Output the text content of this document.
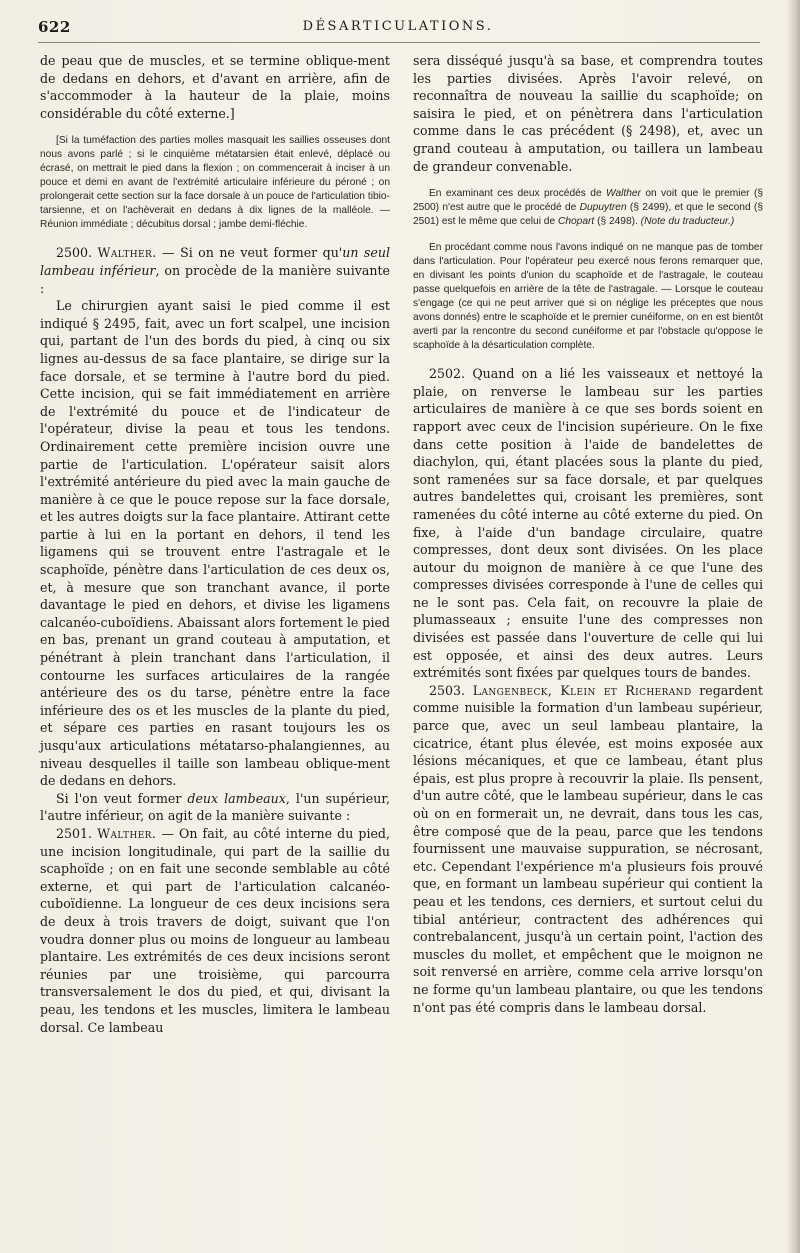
622	DÉSARTICULATIONS.

de peau que de muscles, et se termine oblique-ment de dedans en dehors, et d'avant en arrière, afin de s'accommoder à la hauteur de la plaie, moins considérable du côté externe.]

[Si la tuméfaction des parties molles masquait les saillies osseuses dont nous avons parlé ; si le cinquième métatarsien était enlevé, déplacé ou écrasé, on mettrait le pied dans la flexion ; on commencerait à inciser à un pouce et demi en avant de l'extrémité articulaire inférieure du péroné ; on prolongerait cette section sur la face dorsale à un pouce de l'articulation tibio-tarsienne, et on l'achèverait en dedans à dix lignes de la malléole. — Réunion immédiate ; décubitus dorsal ; jambe demi-fléchie.

2500. Walther. — Si on ne veut former qu'un seul lambeau inférieur, on procède de la manière suivante :

Le chirurgien ayant saisi le pied comme il est indiqué § 2495, fait, avec un fort scalpel, une incision qui, partant de l'un des bords du pied, à cinq ou six lignes au-dessus de sa face plantaire, se dirige sur la face dorsale, et se termine à l'autre bord du pied. Cette incision, qui se fait immédiatement en arrière de l'extrémité du pouce et de l'indicateur de l'opérateur, divise la peau et tous les tendons. Ordinairement cette première incision ouvre une partie de l'articulation. L'opérateur saisit alors l'extrémité antérieure du pied avec la main gauche de manière à ce que le pouce repose sur la face dorsale, et les autres doigts sur la face plantaire. Attirant cette partie à lui en la portant en dehors, il tend les ligamens qui se trouvent entre l'astragale et le scaphoïde, pénètre dans l'articulation de ces deux os, et, à mesure que son tranchant avance, il porte davantage le pied en dehors, et divise les ligamens calcanéo-cuboïdiens. Abaissant alors fortement le pied en bas, prenant un grand couteau à amputation, et pénétrant à plein tranchant dans l'articulation, il contourne les surfaces articulaires de la rangée antérieure des os du tarse, pénètre entre la face inférieure des os et les muscles de la plante du pied, et sépare ces parties en rasant toujours les os jusqu'aux articulations métatarso-phalangiennes, au niveau desquelles il taille son lambeau oblique-ment de dedans en dehors.

Si l'on veut former deux lambeaux, l'un supérieur, l'autre inférieur, on agit de la manière suivante :

2501. Walther. — On fait, au côté interne du pied, une incision longitudinale, qui part de la saillie du scaphoïde ; on en fait une seconde semblable au côté externe, et qui part de l'articulation calcanéo-cuboïdienne. La longueur de ces deux incisions sera de deux à trois travers de doigt, suivant que l'on voudra donner plus ou moins de longueur au lambeau plantaire. Les extrémités de ces deux incisions seront réunies par une troisième, qui parcourra transversalement le dos du pied, et qui, divisant la peau, les tendons et les muscles, limitera le lambeau dorsal. Ce lambeau

sera disséqué jusqu'à sa base, et comprendra toutes les parties divisées. Après l'avoir relevé, on reconnaîtra de nouveau la saillie du scaphoïde; on saisira le pied, et on pénètrera dans l'articulation comme dans le cas précédent (§ 2498), et, avec un grand couteau à amputation, ou taillera un lambeau de grandeur convenable.

En examinant ces deux procédés de Walther on voit que le premier (§ 2500) n'est autre que le procédé de Dupuytren (§ 2499), et que le second (§ 2501) est le même que celui de Chopart (§ 2498). (Note du traducteur.)

En procédant comme nous l'avons indiqué on ne manque pas de tomber dans l'articulation. Pour l'opérateur peu exercé nous ferons remarquer que, en divisant les points d'union du scaphoïde et de l'astragale, le couteau passe quelquefois en arrière de la tête de l'astragale. — Lorsque le couteau s'engage (ce qui ne peut arriver que si on néglige les préceptes que nous avons donnés) entre le scaphoïde et le premier cunéiforme, on en est bientôt averti par la rencontre du second cunéiforme et par l'obstacle qu'oppose le scaphoïde à la désarticulation complète.

2502. Quand on a lié les vaisseaux et nettoyé la plaie, on renverse le lambeau sur les parties articulaires de manière à ce que ses bords soient en rapport avec ceux de l'incision supérieure. On le fixe dans cette position à l'aide de bandelettes de diachylon, qui, étant placées sous la plante du pied, sont ramenées sur sa face dorsale, et par quelques autres bandelettes qui, croisant les premières, sont ramenées du côté interne au côté externe du pied. On fixe, à l'aide d'un bandage circulaire, quatre compresses, dont deux sont divisées. On les place autour du moignon de manière à ce que l'une des compresses divisées corresponde à l'une de celles qui ne le sont pas. Cela fait, on recouvre la plaie de plumasseaux ; ensuite l'une des compresses non divisées est passée dans l'ouverture de celle qui lui est opposée, et ainsi des deux autres. Leurs extrémités sont fixées par quelques tours de bandes.

2503. Langenbeck, Klein et Richerand regardent comme nuisible la formation d'un lambeau supérieur, parce que, avec un seul lambeau plantaire, la cicatrice, étant plus élevée, est moins exposée aux lésions mécaniques, et que ce lambeau, étant plus épais, est plus propre à recouvrir la plaie. Ils pensent, d'un autre côté, que le lambeau supérieur, dans le cas où on en formerait un, ne devrait, dans tous les cas, être composé que de la peau, parce que les tendons fournissent une mauvaise suppuration, se nécrosant, etc. Cependant l'expérience m'a plusieurs fois prouvé que, en formant un lambeau supérieur qui contient la peau et les tendons, ces derniers, et surtout celui du tibial antérieur, contractent des adhérences qui contrebalancent, jusqu'à un certain point, l'action des muscles du mollet, et empêchent que le moignon ne soit renversé en arrière, comme cela arrive lorsqu'on ne forme qu'un lambeau plantaire, ou que les tendons n'ont pas été compris dans le lambeau dorsal.
